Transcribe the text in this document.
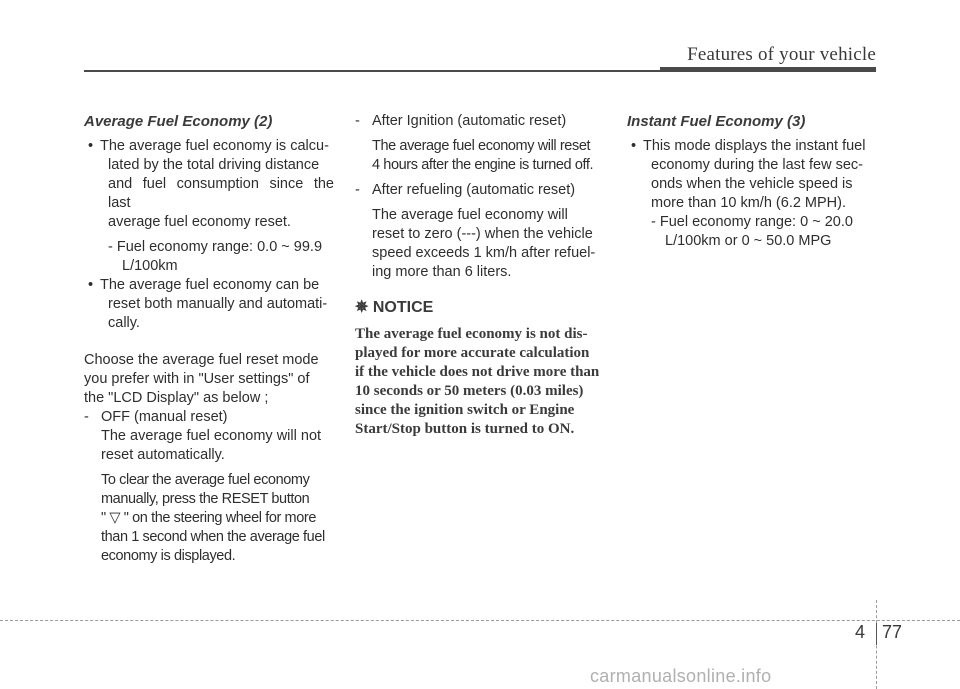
Features of your vehicle

Average Fuel Economy (2)

• The average fuel economy is calcu-
lated by the total driving distance
and fuel consumption since the last
average fuel economy reset.
- Fuel economy range: 0.0 ~ 99.9
L/100km
• The average fuel economy can be
reset both manually and automati-
cally.
Choose the average fuel reset mode
you prefer with in "User settings" of
the "LCD Display" as below ;
- OFF (manual reset)
The average fuel economy will not
reset automatically.
To clear the average fuel economy
manually, press the RESET button
" ▽ " on the steering wheel for more
than 1 second when the average fuel
economy is displayed.
- After Ignition (automatic reset)
The average fuel economy will reset
4 hours after the engine is turned off.
- After refueling (automatic reset)
The average fuel economy will
reset to zero (---) when the vehicle
speed exceeds 1 km/h after refuel-
ing more than 6 liters.
✵ NOTICE
The average fuel economy is not dis-
played for more accurate calculation
if the vehicle does not drive more than
10 seconds or 50 meters (0.03 miles)
since the ignition switch or Engine
Start/Stop button is turned to ON.

Instant Fuel Economy (3)

• This mode displays the instant fuel
economy during the last few sec-
onds when the vehicle speed is
more than 10 km/h (6.2 MPH).
- Fuel economy range: 0 ~ 20.0
L/100km or 0 ~ 50.0 MPG
4 77
carmanualsonline.info
